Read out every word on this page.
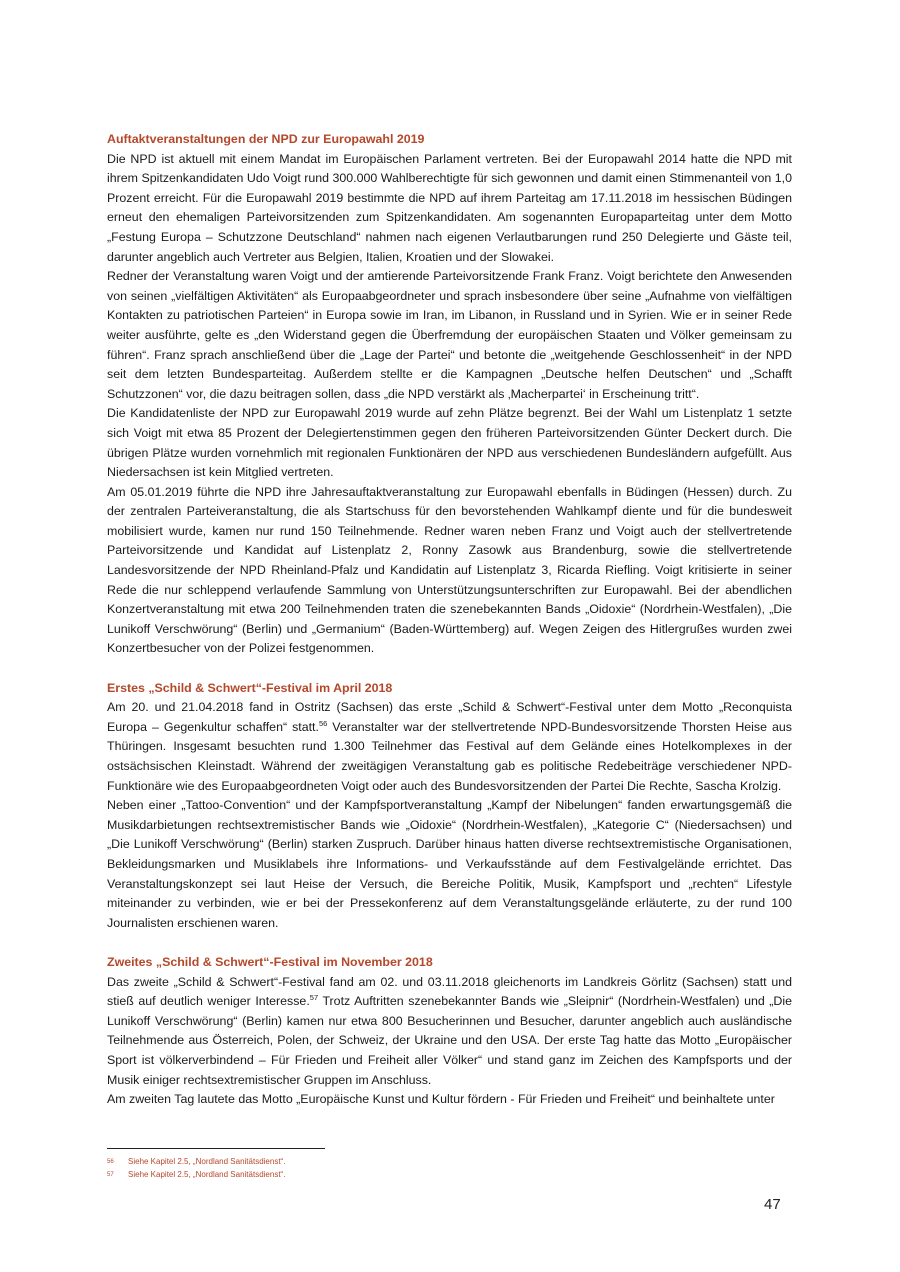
Auftaktveranstaltungen der NPD zur Europawahl 2019

Die NPD ist aktuell mit einem Mandat im Europäischen Parlament vertreten. Bei der Europawahl 2014 hatte die NPD mit ihrem Spitzenkandidaten Udo Voigt rund 300.000 Wahlberechtigte für sich gewonnen und damit einen Stimmenanteil von 1,0 Prozent erreicht. Für die Europawahl 2019 bestimmte die NPD auf ihrem Parteitag am 17.11.2018 im hessischen Büdingen erneut den ehemaligen Parteivorsitzenden zum Spitzenkandidaten. Am sogenannten Europaparteitag unter dem Motto „Festung Europa – Schutzzone Deutschland“ nahmen nach eigenen Verlautbarungen rund 250 Delegierte und Gäste teil, darunter angeblich auch Vertreter aus Belgien, Italien, Kroatien und der Slowakei.

Redner der Veranstaltung waren Voigt und der amtierende Parteivorsitzende Frank Franz. Voigt berichtete den Anwesenden von seinen „vielfältigen Aktivitäten“ als Europaabgeordneter und sprach insbesondere über seine „Aufnahme von vielfältigen Kontakten zu patriotischen Parteien“ in Europa sowie im Iran, im Libanon, in Russland und in Syrien. Wie er in seiner Rede weiter ausführte, gelte es „den Widerstand gegen die Überfremdung der europäischen Staaten und Völker gemeinsam zu führen“. Franz sprach anschließend über die „Lage der Partei“ und betonte die „weitgehende Geschlossenheit“ in der NPD seit dem letzten Bundesparteitag. Außerdem stellte er die Kampagnen „Deutsche helfen Deutschen“ und „Schafft Schutzzonen“ vor, die dazu beitragen sollen, dass „die NPD verstärkt als ‚Macherpartei‘ in Erscheinung tritt“.

Die Kandidatenliste der NPD zur Europawahl 2019 wurde auf zehn Plätze begrenzt. Bei der Wahl um Listenplatz 1 setzte sich Voigt mit etwa 85 Prozent der Delegiertenstimmen gegen den früheren Parteivorsitzenden Günter Deckert durch. Die übrigen Plätze wurden vornehmlich mit regionalen Funktionären der NPD aus verschiedenen Bundesländern aufgefüllt. Aus Niedersachsen ist kein Mitglied vertreten.

Am 05.01.2019 führte die NPD ihre Jahresauftaktveranstaltung zur Europawahl ebenfalls in Büdingen (Hessen) durch. Zu der zentralen Parteiveranstaltung, die als Startschuss für den bevorstehenden Wahlkampf diente und für die bundesweit mobilisiert wurde, kamen nur rund 150 Teilnehmende. Redner waren neben Franz und Voigt auch der stellvertretende Parteivorsitzende und Kandidat auf Listenplatz 2, Ronny Zasowk aus Brandenburg, sowie die stellvertretende Landesvorsitzende der NPD Rheinland-Pfalz und Kandidatin auf Listenplatz 3, Ricarda Riefling. Voigt kritisierte in seiner Rede die nur schleppend verlaufende Sammlung von Unterstützungsunterschriften zur Europawahl. Bei der abendlichen Konzertveranstaltung mit etwa 200 Teilnehmenden traten die szenebekannten Bands „Oidoxie“ (Nordrhein-Westfalen), „Die Lunikoff Verschwörung“ (Berlin) und „Germanium“ (Baden-Württemberg) auf. Wegen Zeigen des Hitlergrußes wurden zwei Konzertbesucher von der Polizei festgenommen.

Erstes „Schild & Schwert“-Festival im April 2018

Am 20. und 21.04.2018 fand in Ostritz (Sachsen) das erste „Schild & Schwert“-Festival unter dem Motto „Reconquista Europa – Gegenkultur schaffen“ statt.$^{56}$ Veranstalter war der stellvertretende NPD-Bundesvorsitzende Thorsten Heise aus Thüringen. Insgesamt besuchten rund 1.300 Teilnehmer das Festival auf dem Gelände eines Hotelkomplexes in der ostsächsischen Kleinstadt. Während der zweitägigen Veranstaltung gab es politische Redebeiträge verschiedener NPD-Funktionäre wie des Europaabgeordneten Voigt oder auch des Bundesvorsitzenden der Partei Die Rechte, Sascha Krolzig.

Neben einer „Tattoo-Convention“ und der Kampfsportveranstaltung „Kampf der Nibelungen“ fanden erwartungsgemäß die Musikdarbietungen rechtsextremistischer Bands wie „Oidoxie“ (Nordrhein-Westfalen), „Kategorie C“ (Niedersachsen) und „Die Lunikoff Verschwörung“ (Berlin) starken Zuspruch. Darüber hinaus hatten diverse rechtsextremistische Organisationen, Bekleidungsmarken und Musiklabels ihre Informations- und Verkaufsstände auf dem Festivalgelände errichtet. Das Veranstaltungskonzept sei laut Heise der Versuch, die Bereiche Politik, Musik, Kampfsport und „rechten“ Lifestyle miteinander zu verbinden, wie er bei der Pressekonferenz auf dem Veranstaltungsgelände erläuterte, zu der rund 100 Journalisten erschienen waren.

Zweites „Schild & Schwert“-Festival im November 2018

Das zweite „Schild & Schwert“-Festival fand am 02. und 03.11.2018 gleichenorts im Landkreis Görlitz (Sachsen) statt und stieß auf deutlich weniger Interesse.$^{57}$ Trotz Auftritten szenebekannter Bands wie „Sleipnir“ (Nordrhein-Westfalen) und „Die Lunikoff Verschwörung“ (Berlin) kamen nur etwa 800 Besucherinnen und Besucher, darunter angeblich auch ausländische Teilnehmende aus Österreich, Polen, der Schweiz, der Ukraine und den USA. Der erste Tag hatte das Motto „Europäischer Sport ist völkerverbindend – Für Frieden und Freiheit aller Völker“ und stand ganz im Zeichen des Kampfsports und der Musik einiger rechtsextremistischer Gruppen im Anschluss.

Am zweiten Tag lautete das Motto „Europäische Kunst und Kultur fördern - Für Frieden und Freiheit“ und beinhaltete unter

56	Siehe Kapitel 2.5, „Nordland Sanitätsdienst“.
57	Siehe Kapitel 2.5, „Nordland Sanitätsdienst“.
47
